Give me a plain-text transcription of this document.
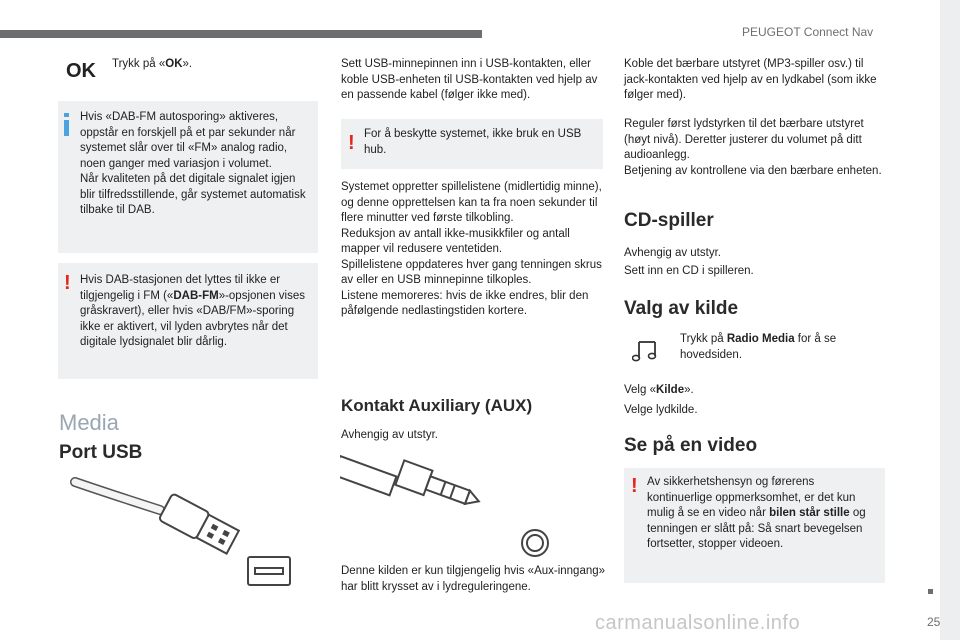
PEUGEOT Connect Nav
OK Trykk på «OK».

Hvis «DAB-FM autosporing» aktiveres, oppstår en forskjell på et par sekunder når systemet slår over til «FM» analog radio, noen ganger med variasjon i volumet.
Når kvaliteten på det digitale signalet igjen blir tilfredsstillende, går systemet automatisk tilbake til DAB.

! Hvis DAB-stasjonen det lyttes til ikke er tilgjengelig i FM («DAB-FM»-opsjonen vises gråskravert), eller hvis «DAB/FM»-sporing ikke er aktivert, vil lyden avbrytes når det digitale lydsignalet blir dårlig.

Media
Port USB

Sett USB-minnepinnen inn i USB-kontakten, eller koble USB-enheten til USB-kontakten ved hjelp av en passende kabel (følger ikke med).

! For å beskytte systemet, ikke bruk en USB hub.

Systemet oppretter spillelistene (midlertidig minne), og denne opprettelsen kan ta fra noen sekunder til flere minutter ved første tilkobling.
Reduksjon av antall ikke-musikkfiler og antall mapper vil redusere ventetiden.
Spillelistene oppdateres hver gang tenningen skrus av eller en USB minnepinne tilkoples.
Listene memoreres: hvis de ikke endres, blir den påfølgende nedlastingstiden kortere.

Kontakt Auxiliary (AUX)

Avhengig av utstyr.

Denne kilden er kun tilgjengelig hvis «Aux-inngang» har blitt krysset av i lydreguleringene.

Koble det bærbare utstyret (MP3-spiller osv.) til jack-kontakten ved hjelp av en lydkabel (som ikke følger med).

Reguler først lydstyrken til det bærbare utstyret (høyt nivå). Deretter justerer du volumet på ditt audioanlegg.
Betjening av kontrollene via den bærbare enheten.

CD-spiller

Avhengig av utstyr.

Sett inn en CD i spilleren.

Valg av kilde

Trykk på Radio Media for å se hovedsiden.

Velg «Kilde».

Velge lydkilde.

Se på en video
! Av sikkerhetshensyn og førerens kontinuerlige oppmerksomhet, er det kun mulig å se en video når bilen står stille og tenningen er slått på: Så snart bevegelsen fortsetter, stopper videoen.

25
carmanualsonline.info
